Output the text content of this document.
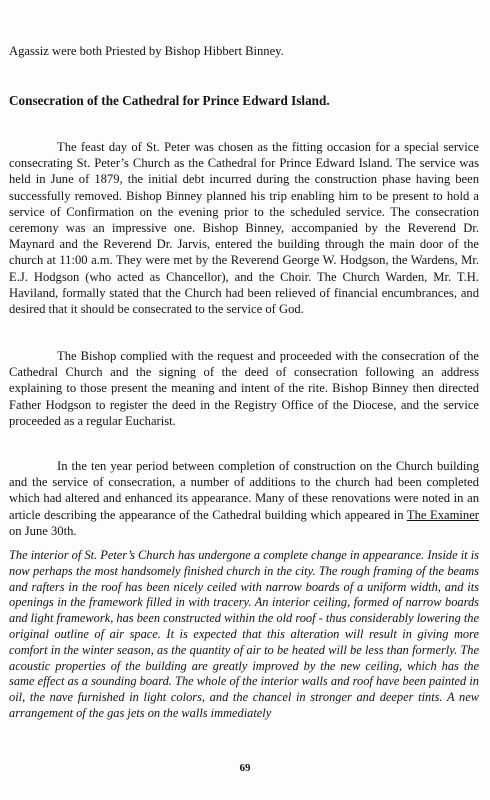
Agassiz were both Priested by Bishop Hibbert Binney.

Consecration of the Cathedral for Prince Edward Island.

The feast day of St. Peter was chosen as the fitting occasion for a special service consecrating St. Peter’s Church as the Cathedral for Prince Edward Island. The service was held in June of 1879, the initial debt incurred during the construction phase having been successfully removed. Bishop Binney planned his trip enabling him to be present to hold a service of Confirmation on the evening prior to the scheduled service. The consecration ceremony was an impressive one. Bishop Binney, accompanied by the Reverend Dr. Maynard and the Reverend Dr. Jarvis, entered the building through the main door of the church at 11:00 a.m. They were met by the Reverend George W. Hodgson, the Wardens, Mr. E.J. Hodgson (who acted as Chancellor), and the Choir. The Church Warden, Mr. T.H. Haviland, formally stated that the Church had been relieved of financial encumbrances, and desired that it should be consecrated to the service of God.

The Bishop complied with the request and proceeded with the consecration of the Cathedral Church and the signing of the deed of consecration following an address explaining to those present the meaning and intent of the rite. Bishop Binney then directed Father Hodgson to register the deed in the Registry Office of the Diocese, and the service proceeded as a regular Eucharist.

In the ten year period between completion of construction on the Church building and the service of consecration, a number of additions to the church had been completed which had altered and enhanced its appearance. Many of these renovations were noted in an article describing the appearance of the Cathedral building which appeared in The Examiner on June 30th.

The interior of St. Peter’s Church has undergone a complete change in appearance. Inside it is now perhaps the most handsomely finished church in the city. The rough framing of the beams and rafters in the roof has been nicely ceiled with narrow boards of a uniform width, and its openings in the framework filled in with tracery. An interior ceiling, formed of narrow boards and light framework, has been constructed within the old roof - thus considerably lowering the original outline of air space. It is expected that this alteration will result in giving more comfort in the winter season, as the quantity of air to be heated will be less than formerly. The acoustic properties of the building are greatly improved by the new ceiling, which has the same effect as a sounding board. The whole of the interior walls and roof have been painted in oil, the nave furnished in light colors, and the chancel in stronger and deeper tints. A new arrangement of the gas jets on the walls immediately

69
